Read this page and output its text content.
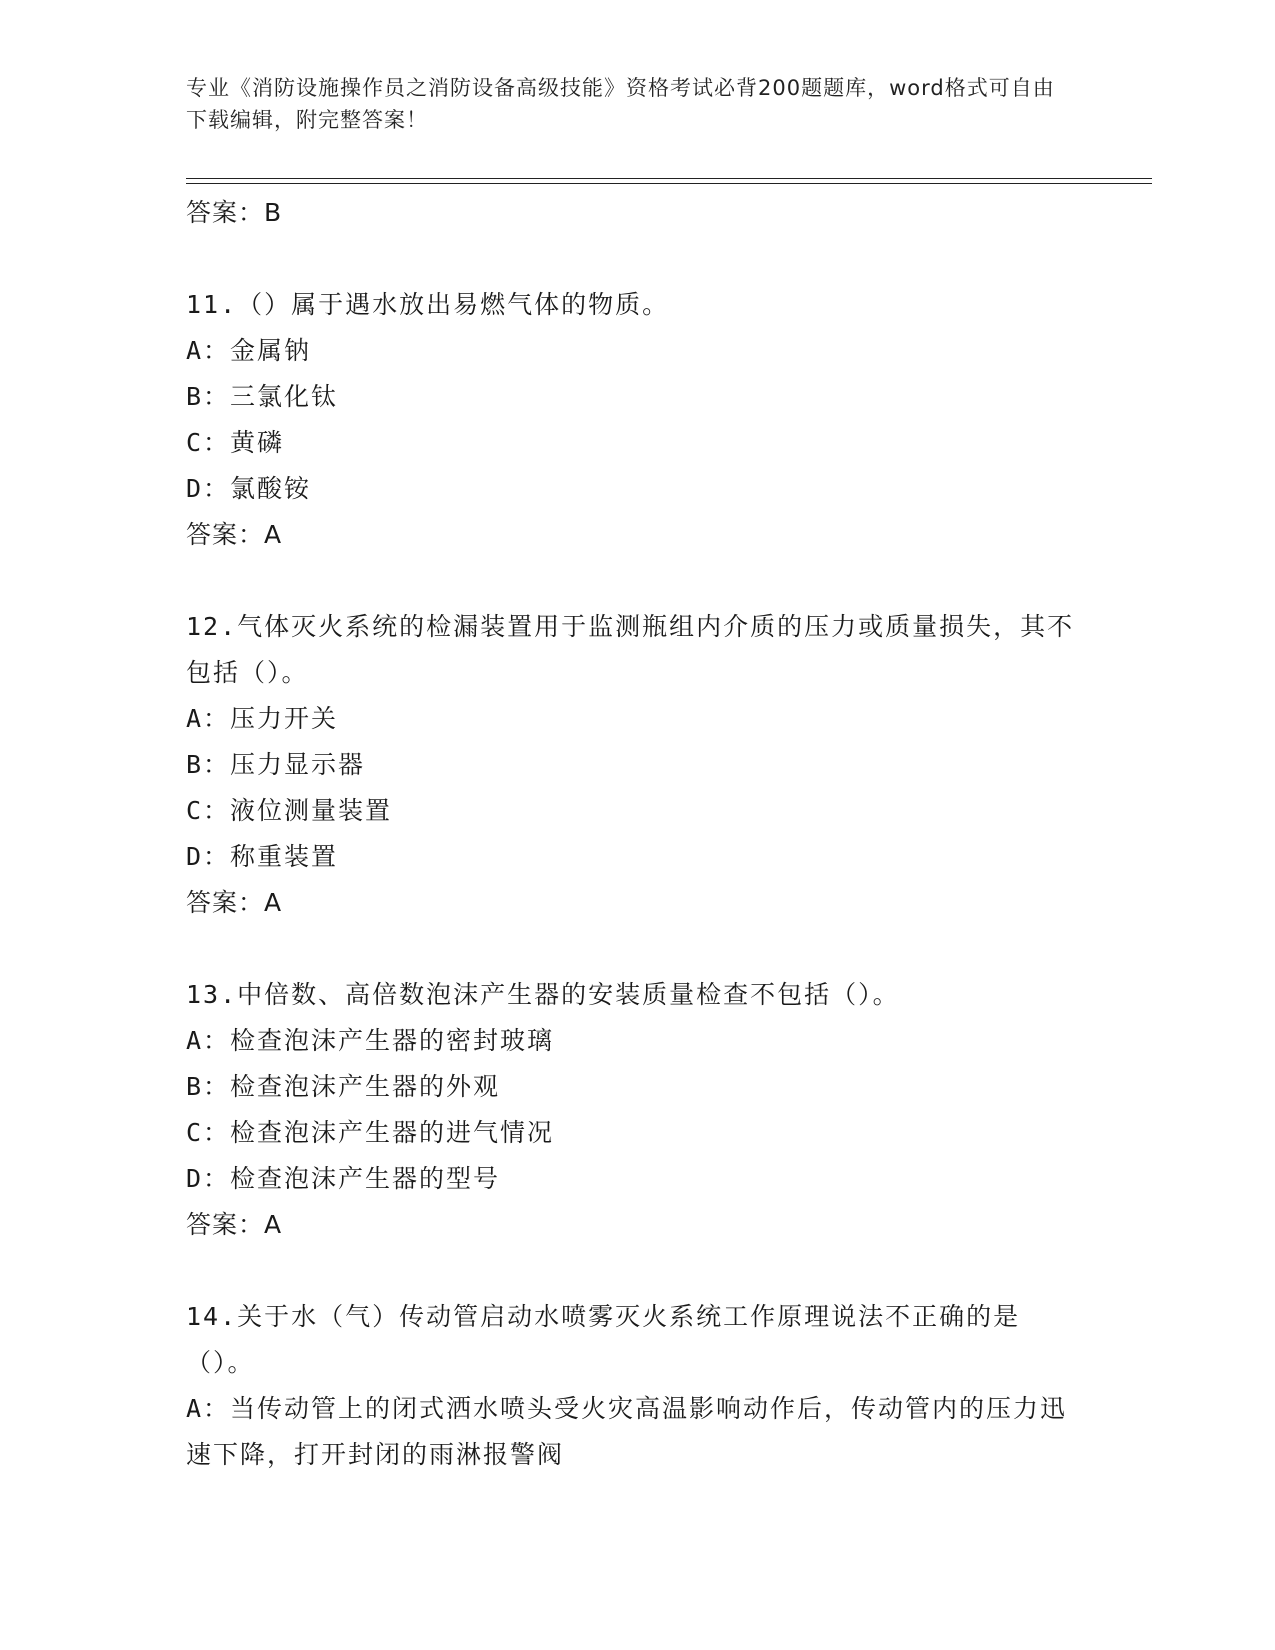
专业《消防设施操作员之消防设备高级技能》资格考试必背200题题库，word格式可自由下载编辑，附完整答案！
答案：B
11.（）属于遇水放出易燃气体的物质。
A：金属钠
B：三氯化钛
C：黄磷
D：氯酸铵
答案：A
12.气体灭火系统的检漏装置用于监测瓶组内介质的压力或质量损失，其不包括（）。
A：压力开关
B：压力显示器
C：液位测量装置
D：称重装置
答案：A
13.中倍数、高倍数泡沫产生器的安装质量检查不包括（）。
A：检查泡沫产生器的密封玻璃
B：检查泡沫产生器的外观
C：检查泡沫产生器的进气情况
D：检查泡沫产生器的型号
答案：A
14.关于水（气）传动管启动水喷雾灭火系统工作原理说法不正确的是（）。
A：当传动管上的闭式洒水喷头受火灾高温影响动作后，传动管内的压力迅速下降，打开封闭的雨淋报警阀
